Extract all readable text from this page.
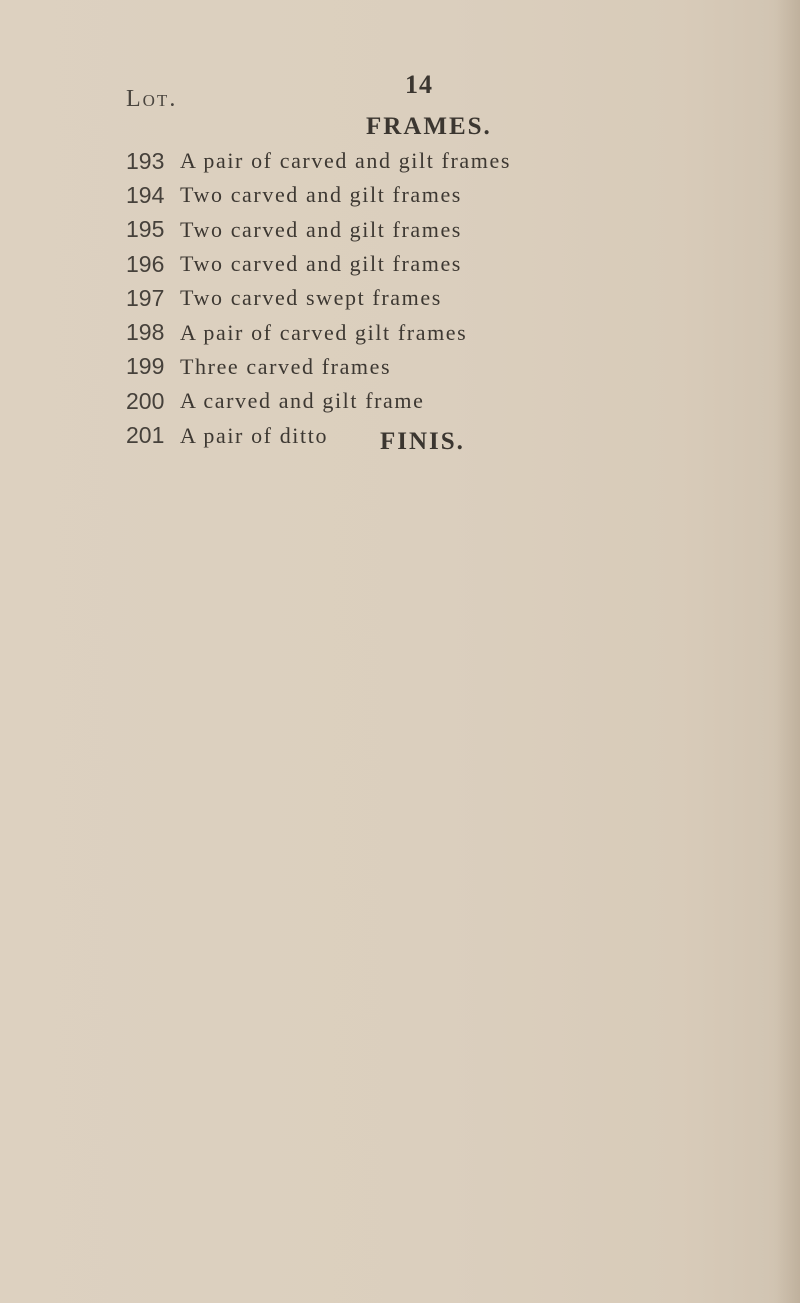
14
Lot.
FRAMES.
193 A pair of carved and gilt frames
194 Two carved and gilt frames
195 Two carved and gilt frames
196 Two carved and gilt frames
197 Two carved swept frames
198 A pair of carved gilt frames
199 Three carved frames
200 A carved and gilt frame
201 A pair of ditto FINIS.
